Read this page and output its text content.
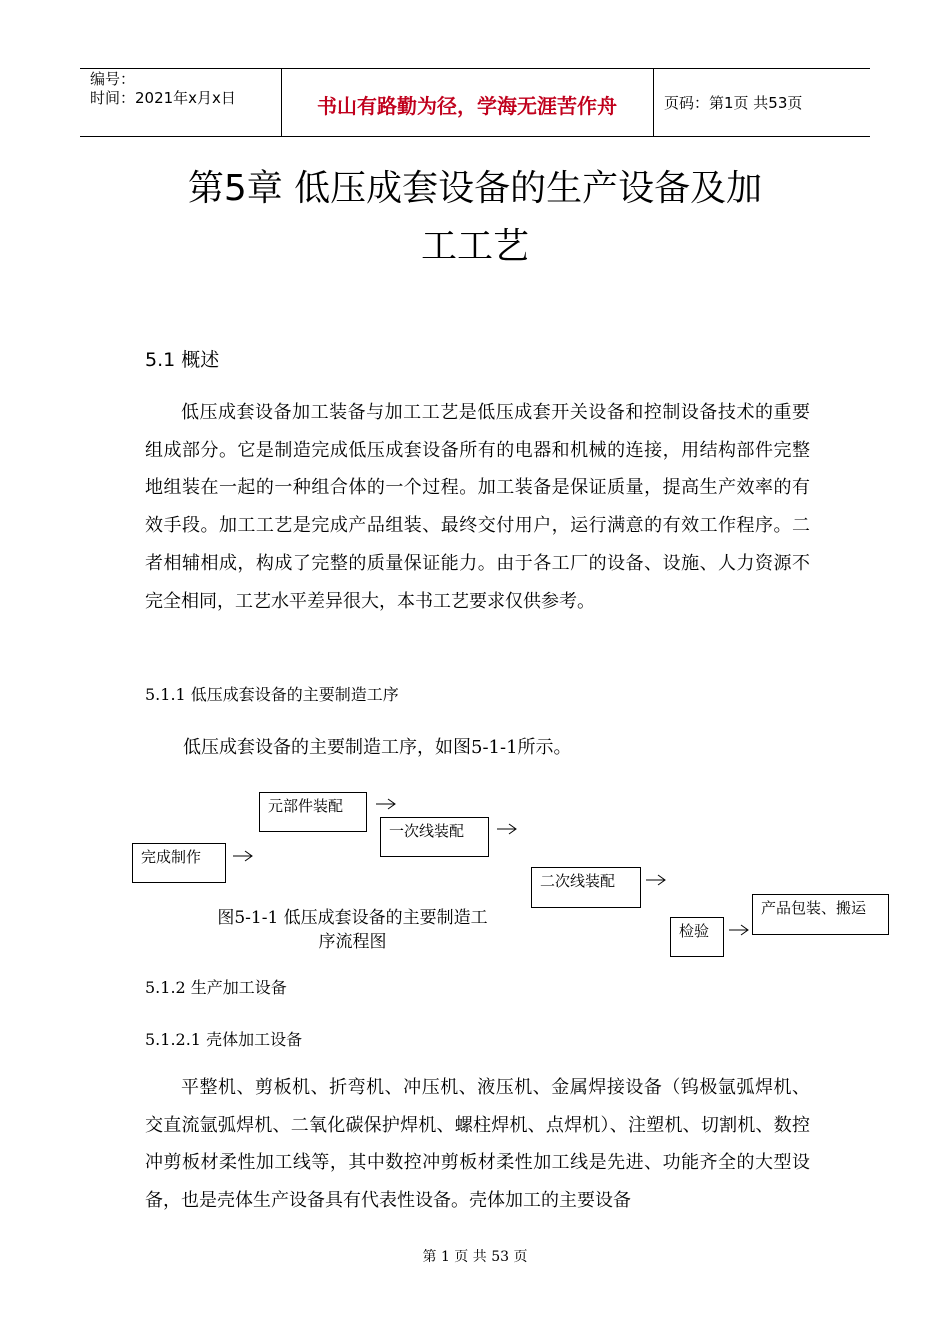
编号：
时间：2021年x月x日	书山有路勤为径，学海无涯苦作舟	页码：第1页 共53页
第5章 低压成套设备的生产设备及加
工工艺
5.1 概述

低压成套设备加工装备与加工工艺是低压成套开关设备和控制设备技术的重要组成部分。它是制造完成低压成套设备所有的电器和机械的连接，用结构部件完整地组装在一起的一种组合体的一个过程。加工装备是保证质量，提高生产效率的有效手段。加工工艺是完成产品组装、最终交付用户，运行满意的有效工作程序。二者相辅相成，构成了完整的质量保证能力。由于各工厂的设备、设施、人力资源不完全相同，工艺水平差异很大，本书工艺要求仅供参考。

5.1.1 低压成套设备的主要制造工序
低压成套设备的主要制造工序，如图5-1-1所示。
完成制作
元部件装配
一次线装配
二次线装配
检验
产品包装、搬运
图5-1-1 低压成套设备的主要制造工
序流程图
5.1.2 生产加工设备
5.1.2.1 壳体加工设备

平整机、剪板机、折弯机、冲压机、液压机、金属焊接设备（钨极氩弧焊机、交直流氩弧焊机、二氧化碳保护焊机、螺柱焊机、点焊机）、注塑机、切割机、数控冲剪板材柔性加工线等，其中数控冲剪板材柔性加工线是先进、功能齐全的大型设备，也是壳体生产设备具有代表性设备。壳体加工的主要设备

第 1 页 共 53 页
